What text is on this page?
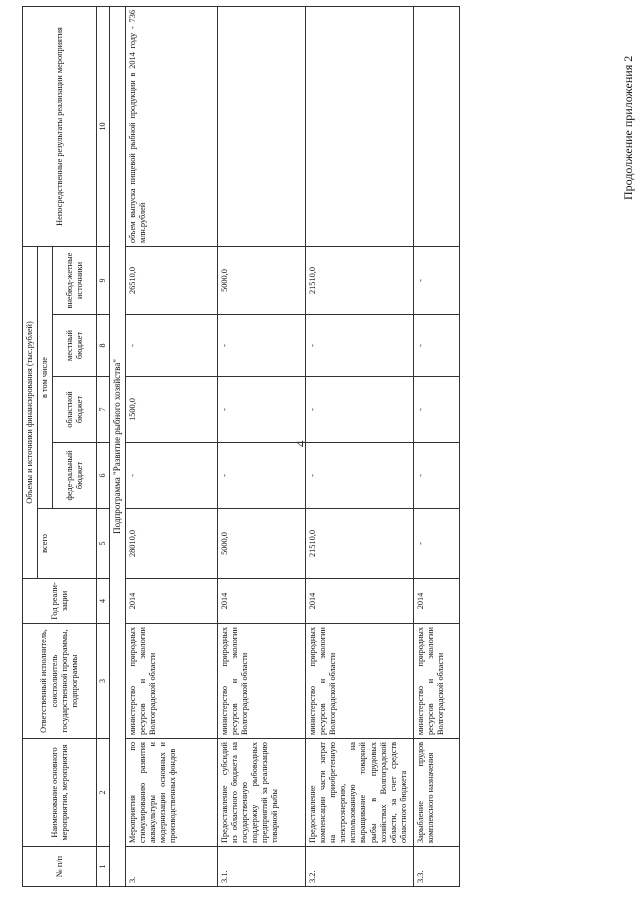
4
Продолжение приложения 2
№ п/п	Наименование основного мероприятия, мероприятия	Ответственный исполнитель, соисполнитель государственной программы, подпрограммы	Год реали-зации	Объемы и источники финансирования (тыс.рублей)					Непосредственные результаты реализации мероприятия
				всего	в том числе				
					феде-ральный бюджет	областной бюджет	местный бюджет	внебюд-жетные источники	

1	2	3	4	5	6	7	8	9	10
Подпрограмма "Развитие рыбного хозяйства"									
3.	Мероприятия по стимулированию развития аквакультуры и модернизации основных и производственных фондов	министерство природных ресурсов и экологии Волгоградской области	2014	28010,0	-	1500,0	-	26510,0	объем выпуска пищевой рыбной продукции в 2014 году - 736 млн.рублей
3.1.	Предоставление субсидий из областного бюджета на государственную поддержку рыбоводных предприятий за реализацию товарной рыбы	министерство природных ресурсов и экологии Волгоградской области	2014	5000,0	-	-	-	5000,0	
3.2.	Предоставление компенсации части затрат на приобретенную электроэнергию, использованную на выращивание товарной рыбы в прудовых хозяйствах Волгоградской области, за счет средств областного бюджета	министерство природных ресурсов и экологии Волгоградской области	2014	21510,0	-	-	-	21510,0	
3.3.	Зарыбление прудов комплексного назначения	министерство природных ресурсов и экологии Волгоградской области	2014	-	-	-	-	-	
